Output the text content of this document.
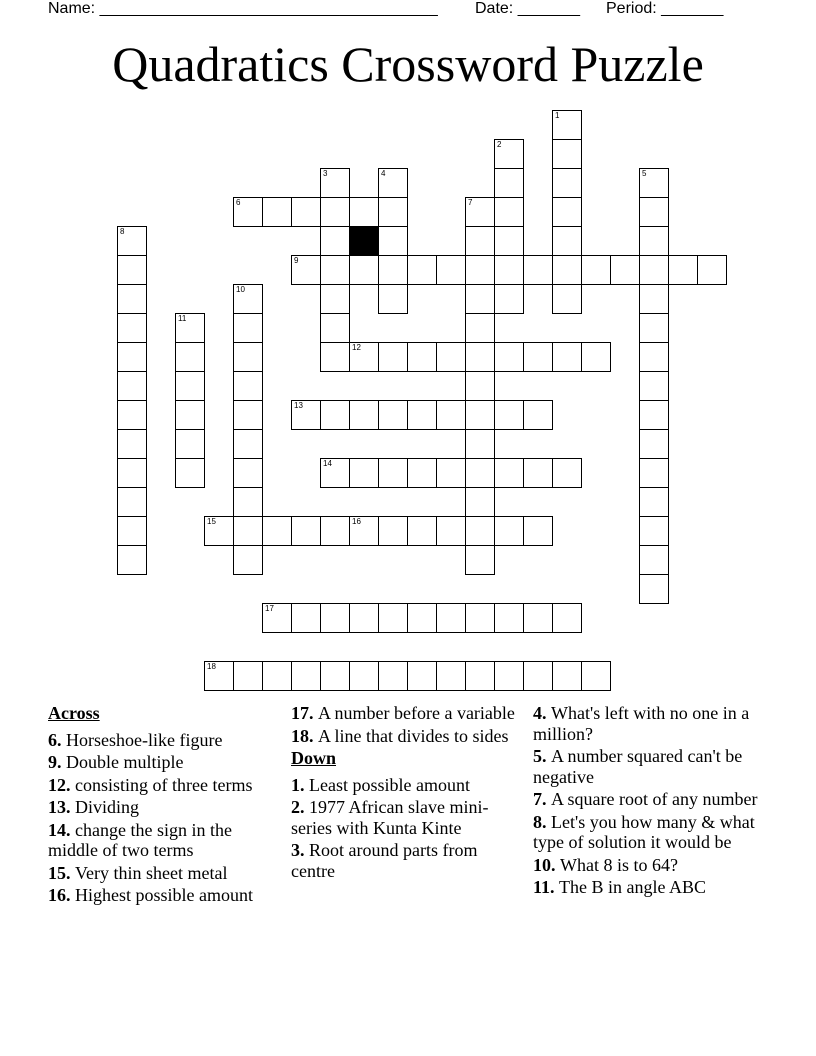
Name: ______________________________________

Date: _______

Period: _______

Quadratics Crossword Puzzle
1
2
3	4	5
6	7
8
9
10
11
12
13
14
15	16
17
18
Across
6. Horseshoe-like figure
9. Double multiple
12. consisting of three terms
13. Dividing
14. change the sign in the middle of two terms
15. Very thin sheet metal
16. Highest possible amount
17. A number before a variable
18. A line that divides to sides
Down
1. Least possible amount
2. 1977 African slave mini-series with Kunta Kinte
3. Root around parts from centre
4. What's left with no one in a million?
5. A number squared can't be negative
7. A square root of any number
8. Let's you how many & what type of solution it would be
10. What 8 is to 64?
11. The B in angle ABC
